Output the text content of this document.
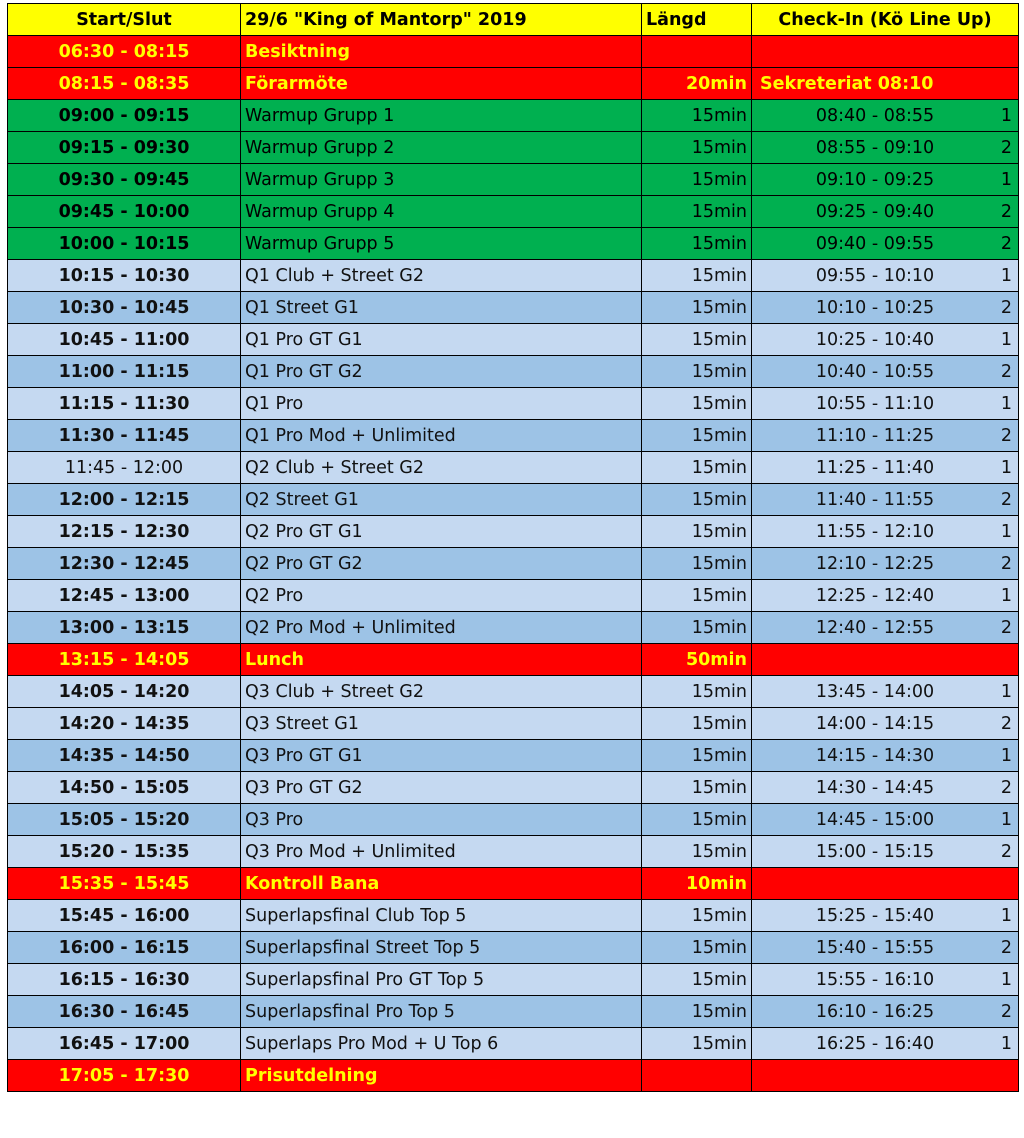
Start/Slut	29/6 "King of Mantorp" 2019	Längd	Check-In (Kö Line Up)
06:30 - 08:15	Besiktning		

08:15 - 08:35	Förarmöte	20min	Sekreteriat 08:10

09:00 - 09:15	Warmup Grupp 1	15min	08:40 - 08:55 1

09:15 - 09:30	Warmup Grupp 2	15min	08:55 - 09:10 2

09:30 - 09:45	Warmup Grupp 3	15min	09:10 - 09:25 1

09:45 - 10:00	Warmup Grupp 4	15min	09:25 - 09:40 2

10:00 - 10:15	Warmup Grupp 5	15min	09:40 - 09:55 2

10:15 - 10:30	Q1 Club + Street G2	15min	09:55 - 10:10 1

10:30 - 10:45	Q1 Street G1	15min	10:10 - 10:25 2

10:45 - 11:00	Q1 Pro GT G1	15min	10:25 - 10:40 1

11:00 - 11:15	Q1 Pro GT G2	15min	10:40 - 10:55 2

11:15 - 11:30	Q1 Pro	15min	10:55 - 11:10 1

11:30 - 11:45	Q1 Pro Mod + Unlimited	15min	11:10 - 11:25 2

11:45 - 12:00	Q2 Club + Street G2	15min	11:25 - 11:40 1

12:00 - 12:15	Q2 Street G1	15min	11:40 - 11:55 2

12:15 - 12:30	Q2 Pro GT G1	15min	11:55 - 12:10 1

12:30 - 12:45	Q2 Pro GT G2	15min	12:10 - 12:25 2

12:45 - 13:00	Q2 Pro	15min	12:25 - 12:40 1

13:00 - 13:15	Q2 Pro Mod + Unlimited	15min	12:40 - 12:55 2

13:15 - 14:05	Lunch	50min	

14:05 - 14:20	Q3 Club + Street G2	15min	13:45 - 14:00 1

14:20 - 14:35	Q3 Street G1	15min	14:00 - 14:15 2

14:35 - 14:50	Q3 Pro GT G1	15min	14:15 - 14:30 1

14:50 - 15:05	Q3 Pro GT G2	15min	14:30 - 14:45 2

15:05 - 15:20	Q3 Pro	15min	14:45 - 15:00 1

15:20 - 15:35	Q3 Pro Mod + Unlimited	15min	15:00 - 15:15 2

15:35 - 15:45	Kontroll Bana	10min	

15:45 - 16:00	Superlapsfinal Club Top 5	15min	15:25 - 15:40 1

16:00 - 16:15	Superlapsfinal Street Top 5	15min	15:40 - 15:55 2

16:15 - 16:30	Superlapsfinal Pro GT Top 5	15min	15:55 - 16:10 1

16:30 - 16:45	Superlapsfinal Pro Top 5	15min	16:10 - 16:25 2

16:45 - 17:00	Superlaps Pro Mod + U Top 6	15min	16:25 - 16:40 1

17:05 - 17:30	Prisutdelning		
